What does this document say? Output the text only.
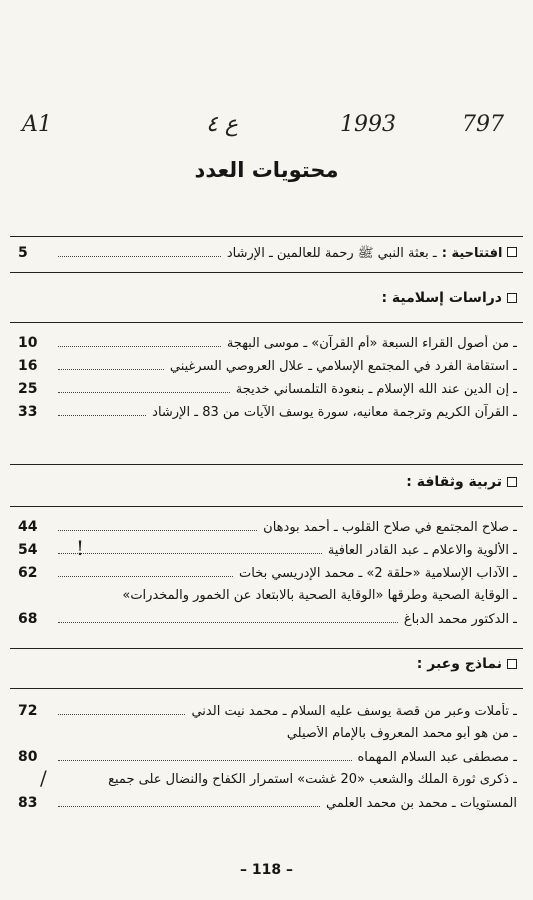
A1	ع ٤	1993	797
محتويات العدد
افتتاحية :
ـ بعثة النبي ﷺ رحمة للعالمين ـ الإرشاد
5
دراسات إسلامية :
ـ من أصول القراء السبعة «أم القرآن» ـ موسى البهجة
10
ـ استقامة الفرد في المجتمع الإسلامي ـ علال العروصي السرغيني
16
ـ إن الدين عند الله الإسلام ـ بنعودة التلمساني خديجة
25
ـ القرآن الكريم وترجمة معانيه، سورة يوسف الآيات من 83 ـ الإرشاد
33
تربية وثقافة :
ـ صلاح المجتمع في صلاح القلوب ـ أحمد بودهان
44
ـ الألوية والاعلام ـ عبد القادر العافية
54	!
ـ الآداب الإسلامية «حلقة 2» ـ محمد الإدريسي بخات
62
ـ الوقاية الصحية وطرقها «الوقاية الصحية بالابتعاد عن الخمور والمخدرات»
ـ الدكتور محمد الدباغ
68
نماذج وعبر :
ـ تأملات وعبر من قصة يوسف عليه السلام ـ محمد نيت الدني
72
ـ من هو أبو محمد المعروف بالإمام الأصيلي
ـ مصطفى عبد السلام المهماه
80
ـ ذكرى ثورة الملك والشعب «20 غشت» استمرار الكفاح والنضال على جميع
/
المستويات ـ محمد بن محمد العلمي
83
– 118 –
